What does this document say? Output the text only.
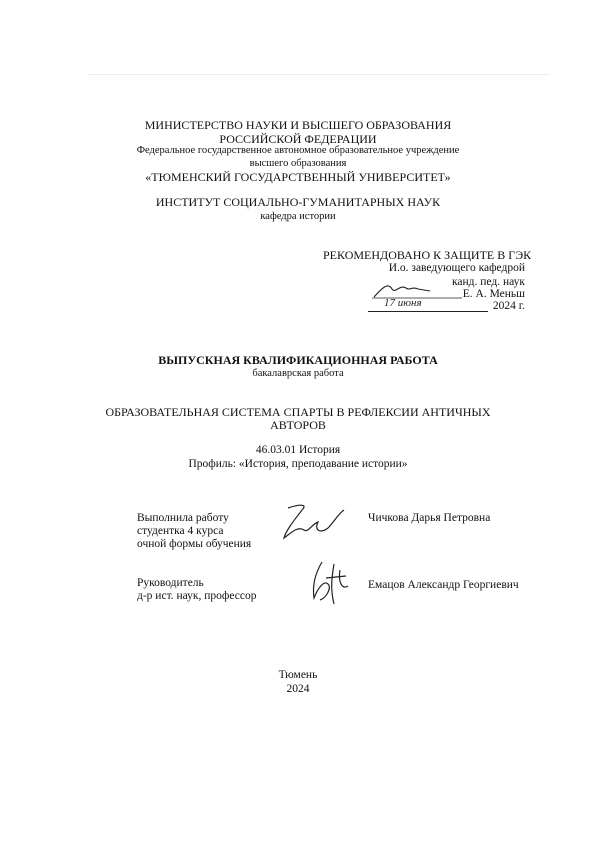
МИНИСТЕРСТВО НАУКИ И ВЫСШЕГО ОБРАЗОВАНИЯ
РОССИЙСКОЙ ФЕДЕРАЦИИ
Федеральное государственное автономное образовательное учреждение
высшего образования
«ТЮМЕНСКИЙ ГОСУДАРСТВЕННЫЙ УНИВЕРСИТЕТ»
ИНСТИТУТ СОЦИАЛЬНО-ГУМАНИТАРНЫХ НАУК
кафедра истории
РЕКОМЕНДОВАНО К ЗАЩИТЕ В ГЭК
И.о. заведующего кафедрой
канд. пед. наук
Е. А. Меньш
17 июня	2024 г.
ВЫПУСКНАЯ КВАЛИФИКАЦИОННАЯ РАБОТА
бакалаврская работа
ОБРАЗОВАТЕЛЬНАЯ СИСТЕМА СПАРТЫ В РЕФЛЕКСИИ АНТИЧНЫХ
АВТОРОВ
46.03.01 История
Профиль: «История, преподавание истории»
Выполнила работу
студентка 4 курса
очной формы обучения
Чичкова Дарья Петровна
Руководитель
д-р ист. наук, профессор
Емацов Александр Георгиевич
Тюмень
2024
